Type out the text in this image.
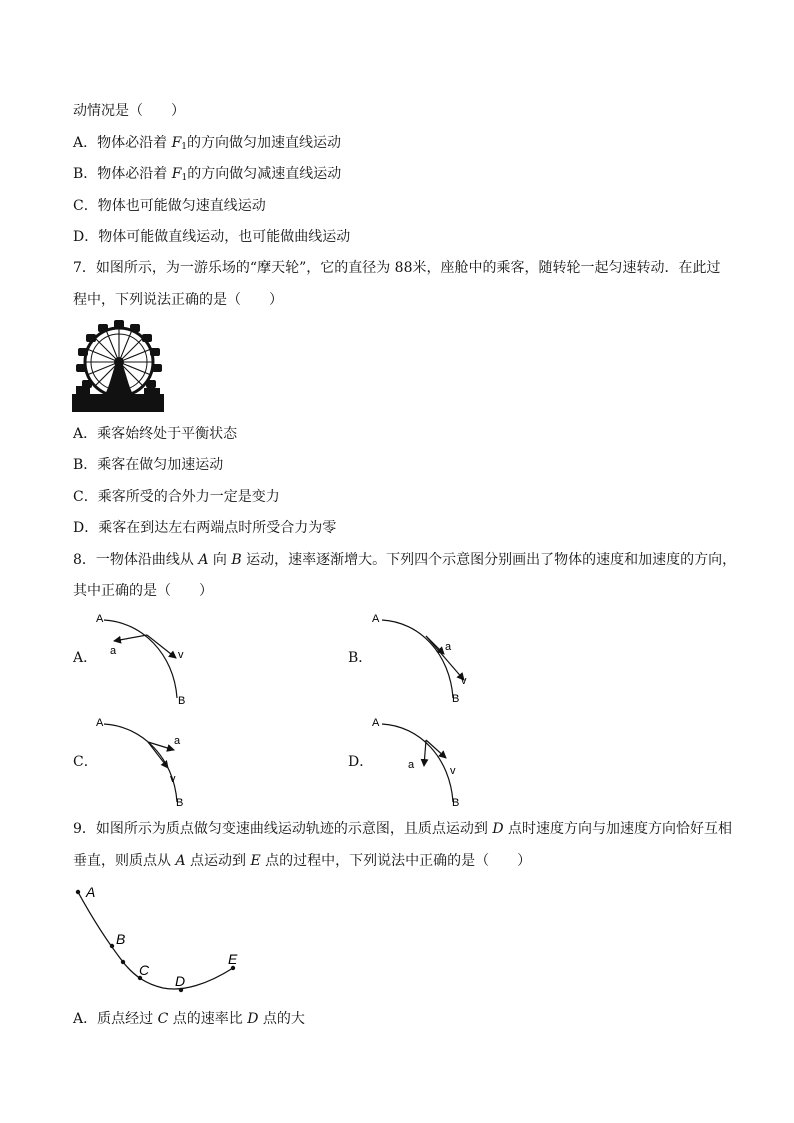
动情况是（　　）
A．物体必沿着 $F_1$的方向做匀加速直线运动
B．物体必沿着 $F_1$的方向做匀减速直线运动
C．物体也可能做匀速直线运动
D．物体可能做直线运动，也可能做曲线运动
7．如图所示，为一游乐场的“摩天轮”，它的直径为 88米，座舱中的乘客，随转轮一起匀速转动．在此过
程中，下列说法正确的是（　　）
A．乘客始终处于平衡状态
B．乘客在做匀加速运动
C．乘客所受的合外力一定是变力
D．乘客在到达左右两端点时所受合力为零
8．一物体沿曲线从 A 向 B 运动，速率逐渐增大。下列四个示意图分别画出了物体的速度和加速度的方向，
其中正确的是（　　）
A．	B．
C．	D．
A
a	v
B
A
a
v
B
A
a
v
B
A
a	v
B
9．如图所示为质点做匀变速曲线运动轨迹的示意图，且质点运动到 D 点时速度方向与加速度方向恰好互相
垂直，则质点从 A 点运动到 E 点的过程中，下列说法中正确的是（　　）
A
B
C
D
E
A．质点经过 C 点的速率比 D 点的大
